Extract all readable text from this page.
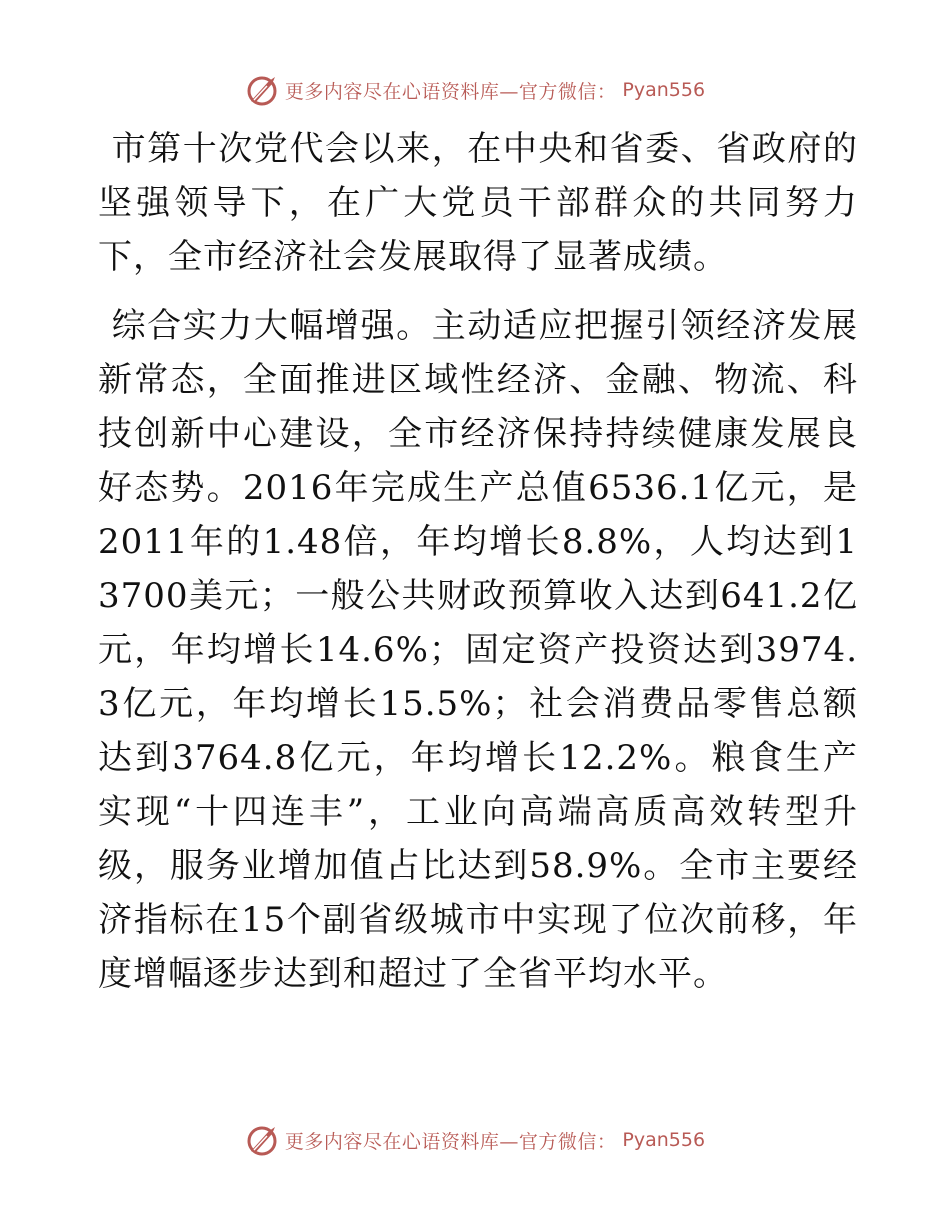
更多内容尽在心语资料库—官方微信： Pyan556

市第十次党代会以来，在中央和省委、省政府的坚强领导下，在广大党员干部群众的共同努力下，全市经济社会发展取得了显著成绩。

综合实力大幅增强。主动适应把握引领经济发展新常态，全面推进区域性经济、金融、物流、科技创新中心建设，全市经济保持持续健康发展良好态势。2016年完成生产总值6536.1亿元，是2011年的1.48倍，年均增长8.8%，人均达到13700美元；一般公共财政预算收入达到641.2亿元，年均增长14.6%；固定资产投资达到3974.3亿元，年均增长15.5%；社会消费品零售总额达到3764.8亿元，年均增长12.2%。粮食生产实现“十四连丰”，工业向高端高质高效转型升级，服务业增加值占比达到58.9%。全市主要经济指标在15个副省级城市中实现了位次前移，年度增幅逐步达到和超过了全省平均水平。

更多内容尽在心语资料库—官方微信： Pyan556
